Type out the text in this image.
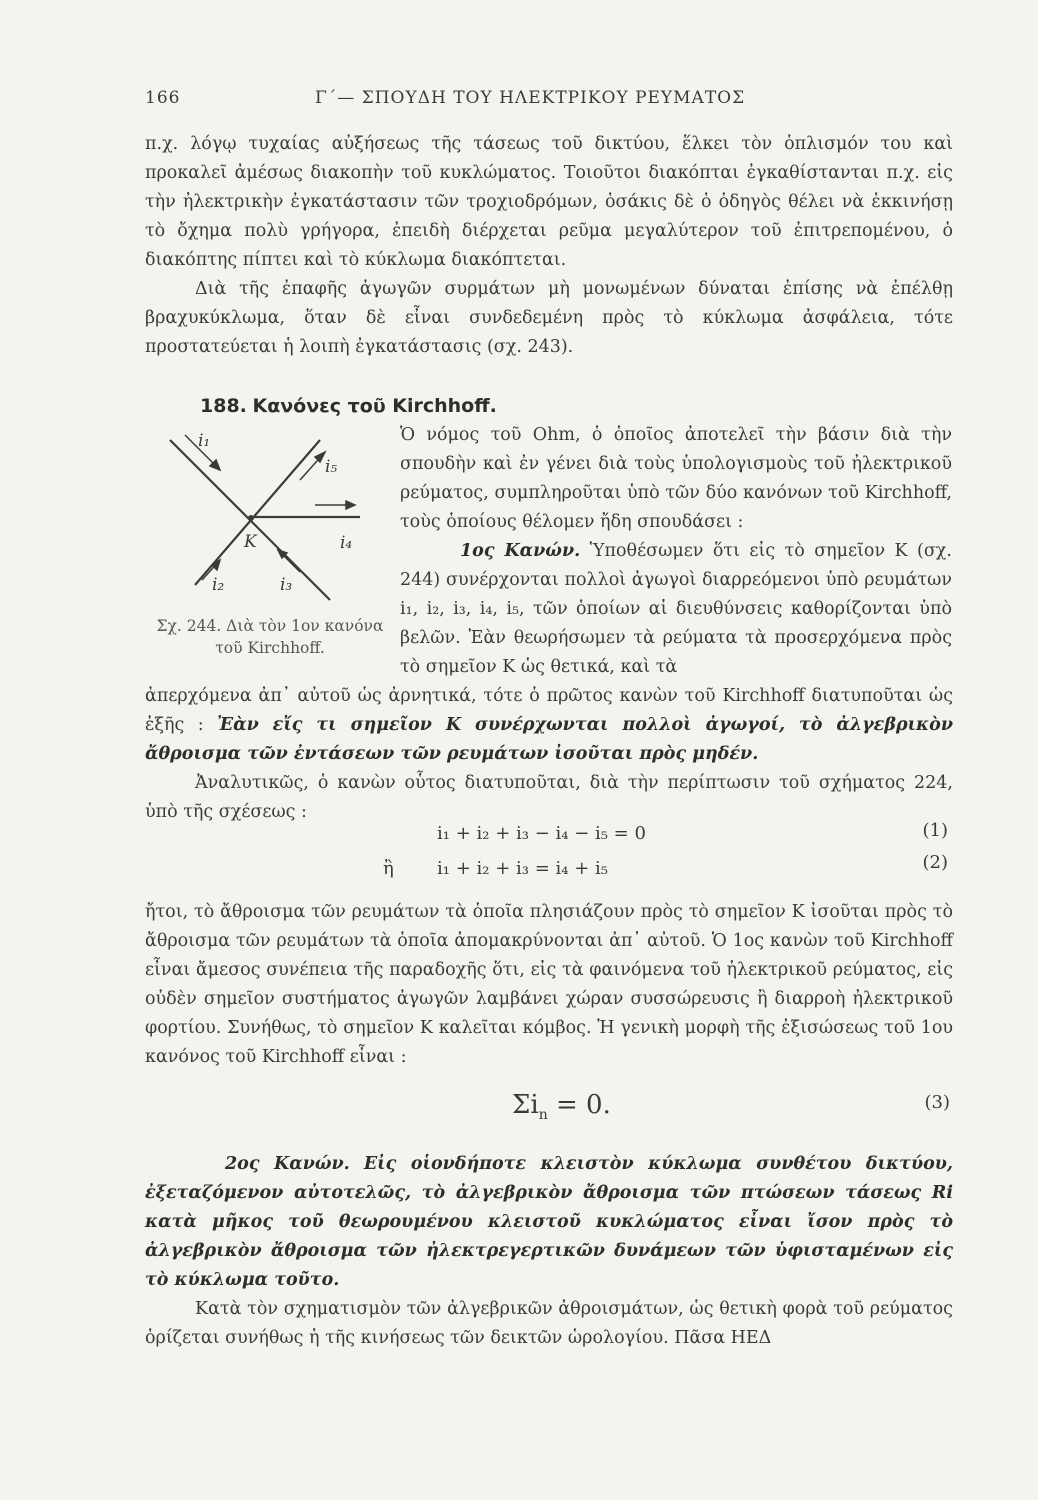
166	Γ΄— ΣΠΟΥΔΗ ΤΟΥ ΗΛΕΚΤΡΙΚΟΥ ΡΕΥΜΑΤΟΣ

π.χ. λόγῳ τυχαίας αὐξήσεως τῆς τάσεως τοῦ δικτύου, ἕλκει τὸν ὁπλισμόν του καὶ προκαλεῖ ἀμέσως διακοπὴν τοῦ κυκλώματος. Τοιοῦτοι διακόπται ἐγκαθίστανται π.χ. εἰς τὴν ἠλεκτρικὴν ἐγκατάστασιν τῶν τροχιοδρόμων, ὁσάκις δὲ ὁ ὁδηγὸς θέλει νὰ ἐκκινήσῃ τὸ ὄχημα πολὺ γρήγορα, ἐπειδὴ διέρχεται ρεῦμα μεγαλύτερον τοῦ ἐπιτρεπομένου, ὁ διακόπτης πίπτει καὶ τὸ κύκλωμα διακόπτεται.

Διὰ τῆς ἐπαφῆς ἀγωγῶν συρμάτων μὴ μονωμένων δύναται ἐπίσης νὰ ἐπέλθῃ βραχυκύκλωμα, ὅταν δὲ εἶναι συνδεδεμένη πρὸς τὸ κύκλωμα ἀσφάλεια, τότε προστατεύεται ἡ λοιπὴ ἐγκατάστασις (σχ. 243).

188. Κανόνες τοῦ Kirchhoff.

Ὁ νόμος τοῦ Ohm, ὁ ὁποῖος ἀποτελεῖ τὴν βάσιν διὰ τὴν σπουδὴν καὶ ἐν γένει διὰ τοὺς ὑπολογισμοὺς τοῦ ἠλεκτρικοῦ ρεύματος, συμπληροῦται ὑπὸ τῶν δύο κανόνων τοῦ Kirchhoff, τοὺς ὁποίους θέλομεν ἤδη σπουδάσει :

1ος Κανών. Ὑποθέσωμεν ὅτι εἰς τὸ σημεῖον Κ (σχ. 244) συνέρχονται πολλοὶ ἀγωγοὶ διαρρεόμενοι ὑπὸ ρευμάτων i₁, i₂, i₃, i₄, i₅, τῶν ὁποίων αἱ διευθύνσεις καθορίζονται ὑπὸ βελῶν. Ἐὰν θεωρήσωμεν τὰ ρεύματα τὰ προσερχόμενα πρὸς τὸ σημεῖον Κ ὡς θετικά, καὶ τὰ

K
i₁
i₂	i₃
i₄
i₅
Σχ. 244. Διὰ τὸν 1ον κανόνα
τοῦ Kirchhoff.

ἀπερχόμενα ἀπ᾽ αὐτοῦ ὡς ἀρνητικά, τότε ὁ πρῶτος κανὼν τοῦ Kirchhoff διατυποῦται ὡς ἑξῆς : Ἐὰν εἴς τι σημεῖον Κ συνέρχωνται πολλοὶ ἀγωγοί, τὸ ἀλγεβρικὸν ἄθροισμα τῶν ἐντάσεων τῶν ρευμάτων ἰσοῦται πρὸς μηδέν.

Ἀναλυτικῶς, ὁ κανὼν οὗτος διατυποῦται, διὰ τὴν περίπτωσιν τοῦ σχήματος 224, ὑπὸ τῆς σχέσεως :

i₁ + i₂ + i₃ − i₄ − i₅ = 0	(1)
ἢ i₁ + i₂ + i₃ = i₄ + i₅	(2)

ἤτοι, τὸ ἄθροισμα τῶν ρευμάτων τὰ ὁποῖα πλησιάζουν πρὸς τὸ σημεῖον Κ ἰσοῦται πρὸς τὸ ἄθροισμα τῶν ρευμάτων τὰ ὁποῖα ἀπομακρύνονται ἀπ᾽ αὐτοῦ. Ὁ 1ος κανὼν τοῦ Kirchhoff εἶναι ἄμεσος συνέπεια τῆς παραδοχῆς ὅτι, εἰς τὰ φαινόμενα τοῦ ἠλεκτρικοῦ ρεύματος, εἰς οὐδὲν σημεῖον συστήματος ἀγωγῶν λαμβάνει χώραν συσσώρευσις ἢ διαρροὴ ἠλεκτρικοῦ φορτίου. Συνήθως, τὸ σημεῖον Κ καλεῖται κόμβος. Ἡ γενικὴ μορφὴ τῆς ἐξισώσεως τοῦ 1ου κανόνος τοῦ Kirchhoff εἶναι :

$\Sigma i_n = 0$.	(3)

2ος Κανών. Εἰς οἱονδήποτε κλειστὸν κύκλωμα συνθέτου δικτύου, ἐξεταζόμενον αὐτοτελῶς, τὸ ἀλγεβρικὸν ἄθροισμα τῶν πτώσεων τάσεως Ri κατὰ μῆκος τοῦ θεωρουμένου κλειστοῦ κυκλώματος εἶναι ἴσον πρὸς τὸ ἀλγεβρικὸν ἄθροισμα τῶν ἠλεκτρεγερτικῶν δυνάμεων τῶν ὑφισταμένων εἰς τὸ κύκλωμα τοῦτο.

Κατὰ τὸν σχηματισμὸν τῶν ἀλγεβρικῶν ἀθροισμάτων, ὡς θετικὴ φορὰ τοῦ ρεύματος ὁρίζεται συνήθως ἡ τῆς κινήσεως τῶν δεικτῶν ὡρολογίου. Πᾶσα ΗΕΔ
